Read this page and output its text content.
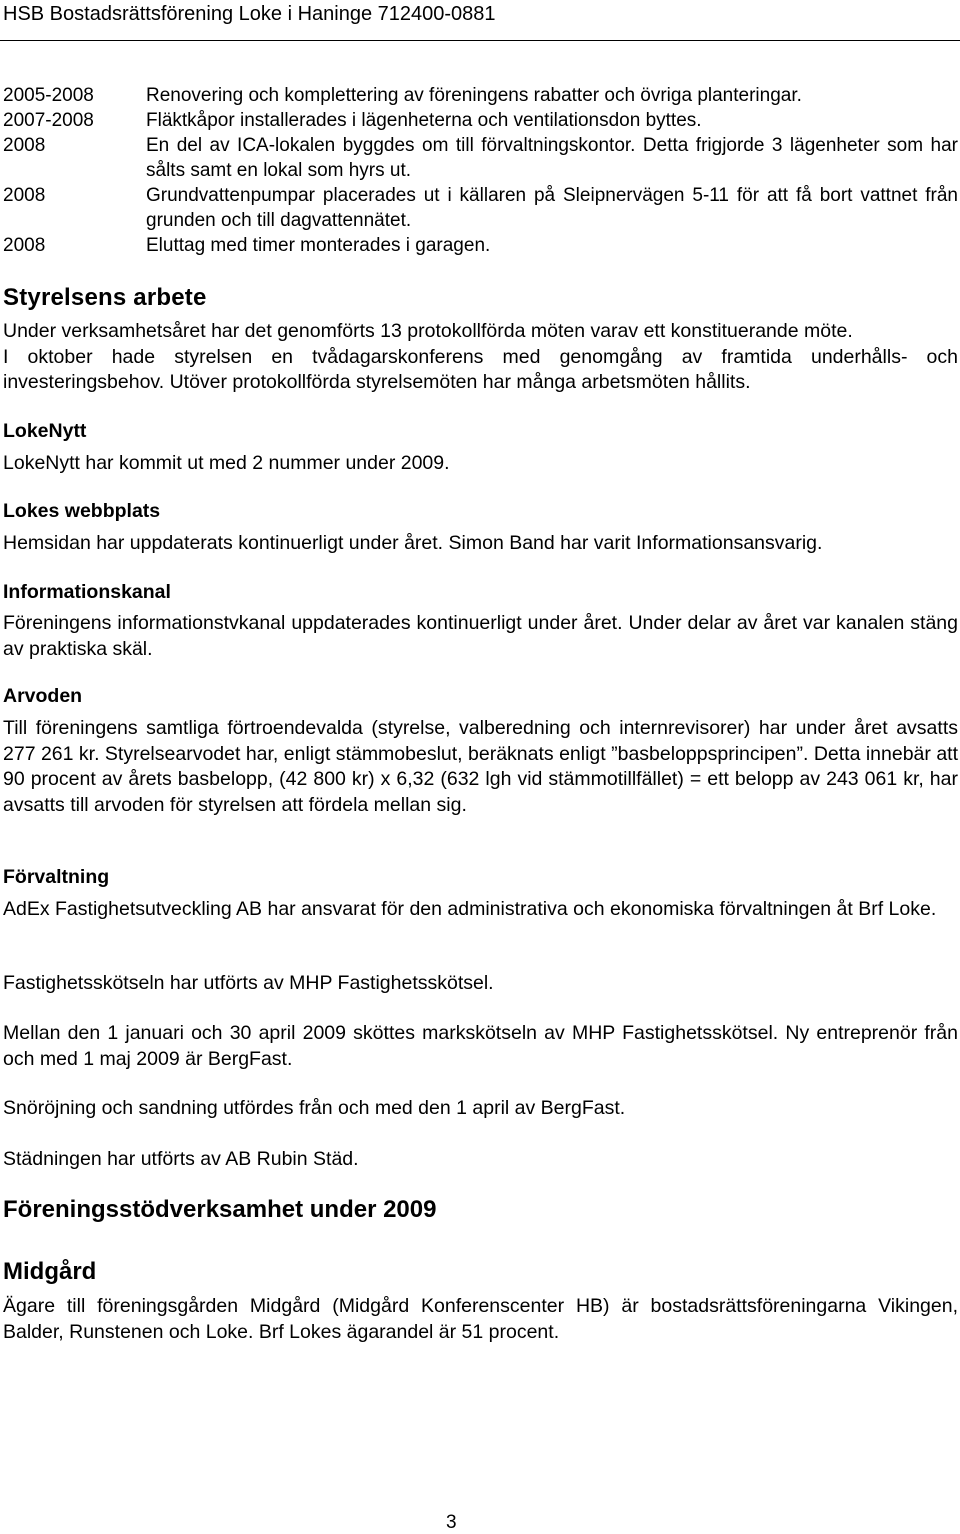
HSB Bostadsrättsförening Loke i Haninge 712400-0881
2005-2008	Renovering och komplettering av föreningens rabatter och övriga planteringar.
2007-2008	Fläktkåpor installerades i lägenheterna och ventilationsdon byttes.
2008	En del av ICA-lokalen byggdes om till förvaltningskontor. Detta frigjorde 3 lägenheter som har sålts samt en lokal som hyrs ut.
2008	Grundvattenpumpar placerades ut i källaren på Sleipnervägen 5-11 för att få bort vattnet från grunden och till dagvattennätet.
2008	Eluttag med timer monterades i garagen.
Styrelsens arbete

Under verksamhetsåret har det genomförts 13 protokollförda möten varav ett konstituerande möte.

I oktober hade styrelsen en tvådagarskonferens med genomgång av framtida underhålls- och investeringsbehov. Utöver protokollförda styrelsemöten har många arbetsmöten hållits.

LokeNytt
LokeNytt har kommit ut med 2 nummer under 2009.
Lokes webbplats
Hemsidan har uppdaterats kontinuerligt under året. Simon Band har varit Informationsansvarig.
Informationskanal
Föreningens informationstvkanal uppdaterades kontinuerligt under året. Under delar av året var kanalen stäng av praktiska skäl.
Arvoden
Till föreningens samtliga förtroendevalda (styrelse, valberedning och internrevisorer) har under året avsatts 277 261 kr. Styrelsearvodet har, enligt stämmobeslut, beräknats enligt ”basbeloppsprincipen”. Detta innebär att 90 procent av årets basbelopp, (42 800 kr) x 6,32 (632 lgh vid stämmotillfället) = ett belopp av 243 061 kr, har avsatts till arvoden för styrelsen att fördela mellan sig.
Förvaltning
AdEx Fastighetsutveckling AB har ansvarat för den administrativa och ekonomiska förvaltningen åt Brf Loke.
Fastighetsskötseln har utförts av MHP Fastighetsskötsel.
Mellan den 1 januari och 30 april 2009 sköttes markskötseln av MHP Fastighetsskötsel. Ny entreprenör från och med 1 maj 2009 är BergFast.
Snöröjning och sandning utfördes från och med den 1 april av BergFast.
Städningen har utförts av AB Rubin Städ.
Föreningsstödverksamhet under 2009
Midgård
Ägare till föreningsgården Midgård (Midgård Konferenscenter HB) är bostadsrättsföreningarna Vikingen, Balder, Runstenen och Loke. Brf Lokes ägarandel är 51 procent.
3
